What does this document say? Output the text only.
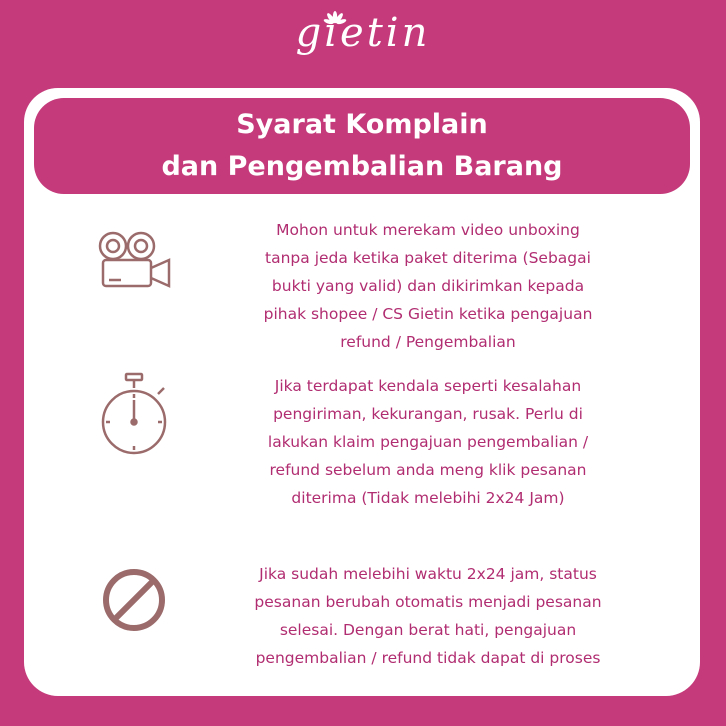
gietin
Syarat Komplain
dan Pengembalian Barang
Mohon untuk merekam video unboxing
tanpa jeda ketika paket diterima (Sebagai
bukti yang valid) dan dikirimkan kepada
pihak shopee / CS Gietin ketika pengajuan
refund / Pengembalian
Jika terdapat kendala seperti kesalahan
pengiriman, kekurangan, rusak. Perlu di
lakukan klaim pengajuan pengembalian /
refund sebelum anda meng klik pesanan
diterima (Tidak melebihi 2x24 Jam)
Jika sudah melebihi waktu 2x24 jam, status
pesanan berubah otomatis menjadi pesanan
selesai. Dengan berat hati, pengajuan
pengembalian / refund tidak dapat di proses
